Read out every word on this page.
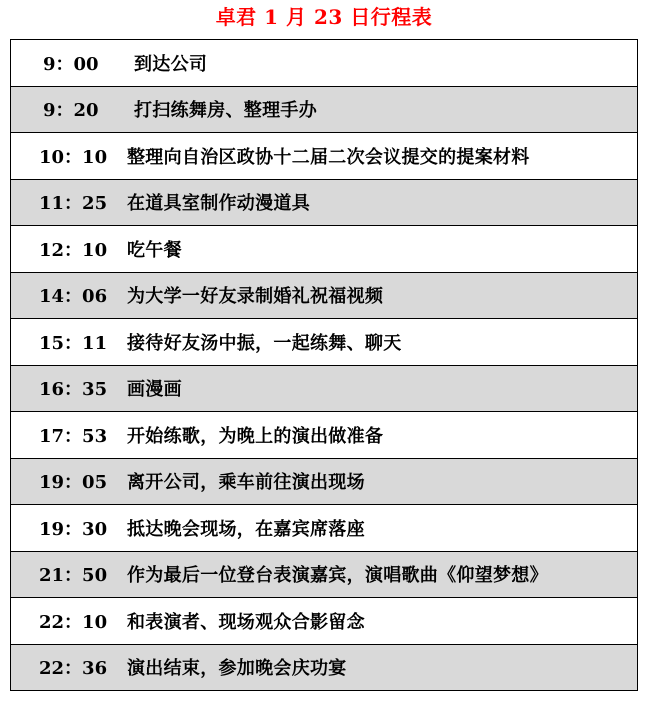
卓君 1 月 23 日行程表
9：00	到达公司
9：20	打扫练舞房、整理手办
10：10	整理向自治区政协十二届二次会议提交的提案材料
11：25	在道具室制作动漫道具
12：10	吃午餐
14：06	为大学一好友录制婚礼祝福视频
15：11	接待好友汤中振，一起练舞、聊天
16：35	画漫画
17：53	开始练歌，为晚上的演出做准备
19：05	离开公司，乘车前往演出现场
19：30	抵达晚会现场，在嘉宾席落座
21：50	作为最后一位登台表演嘉宾，演唱歌曲《仰望梦想》
22：10	和表演者、现场观众合影留念
22：36	演出结束，参加晚会庆功宴
